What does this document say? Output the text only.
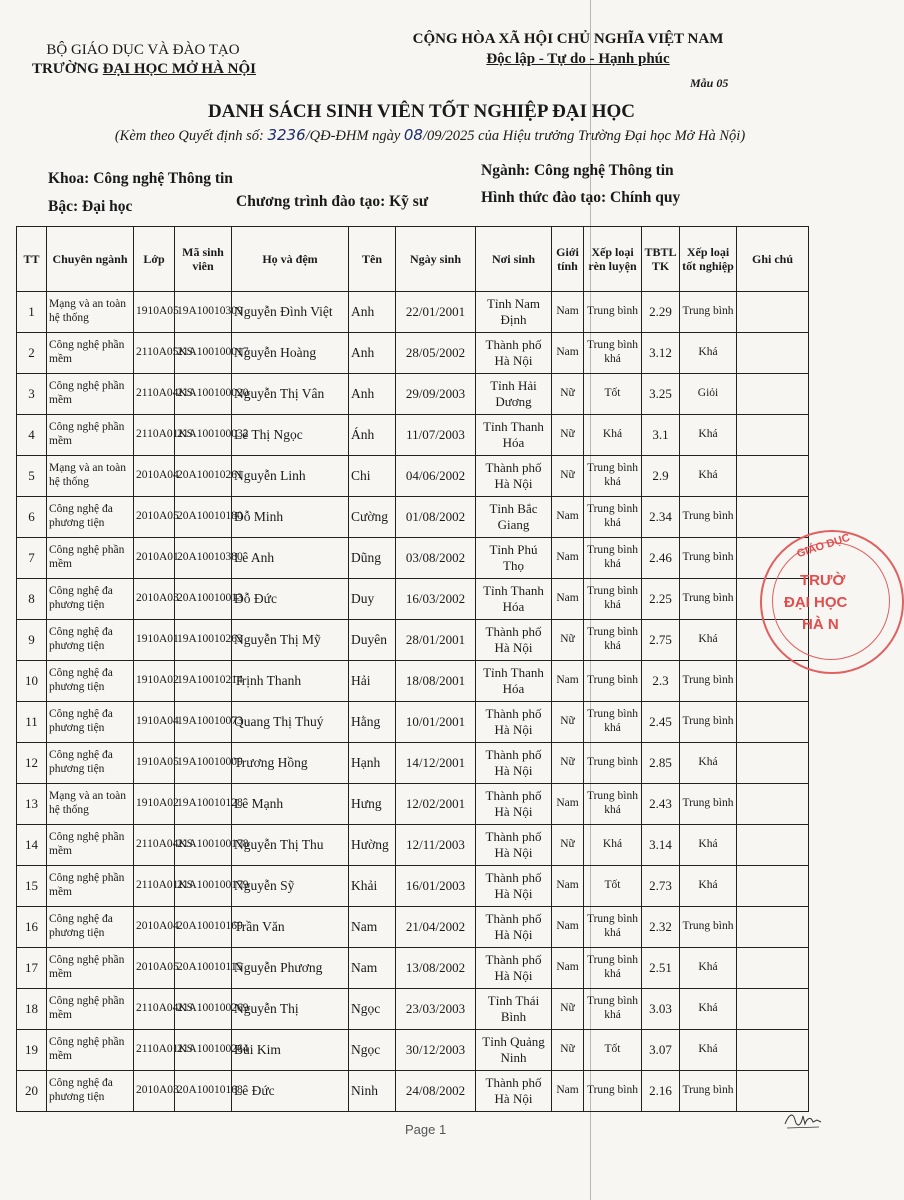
BỘ GIÁO DỤC VÀ ĐÀO TẠO
TRƯỜNG ĐẠI HỌC MỞ HÀ NỘI
CỘNG HÒA XÃ HỘI CHỦ NGHĨA VIỆT NAM
Độc lập - Tự do - Hạnh phúc
Mẫu 05
DANH SÁCH SINH VIÊN TỐT NGHIỆP ĐẠI HỌC
(Kèm theo Quyết định số: 3236/QĐ-ĐHM ngày 08/09/2025 của Hiệu trưởng Trường Đại học Mở Hà Nội)
Khoa: Công nghệ Thông tin
Bậc: Đại học	Chương trình đào tạo: Kỹ sư
Ngành: Công nghệ Thông tin
Hình thức đào tạo: Chính quy
TT	Chuyên ngành	Lớp	Mã sinh viên	Họ và đệm	Tên	Ngày sinh	Nơi sinh	Giới tính	Xếp loại rèn luyện	TBTL TK	Xếp loại tốt nghiệp	Ghi chú
1	Mạng và an toàn hệ thống	1910A05	19A10010309	Nguyễn Đình Việt	Anh	22/01/2001	Tỉnh Nam Định	Nam	Trung bình	2.29	Trung bình	
2	Công nghệ phần mềm	2110A05KS	21A100100017	Nguyễn Hoàng	Anh	28/05/2002	Thành phố Hà Nội	Nam	Trung bình khá	3.12	Khá	
3	Công nghệ phần mềm	2110A04KS	21A100100020	Nguyễn Thị Vân	Anh	29/09/2003	Tỉnh Hải Dương	Nữ	Tốt	3.25	Giỏi	
4	Công nghệ phần mềm	2110A01KS	21A100100032	Lê Thị Ngọc	Ánh	11/07/2003	Tỉnh Thanh Hóa	Nữ	Khá	3.1	Khá	
5	Mạng và an toàn hệ thống	2010A04	20A10010261	Nguyễn Linh	Chi	04/06/2002	Thành phố Hà Nội	Nữ	Trung bình khá	2.9	Khá	
6	Công nghệ đa phương tiện	2010A05	20A10010180	Đỗ Minh	Cường	01/08/2002	Tỉnh Bắc Giang	Nam	Trung bình khá	2.34	Trung bình	
7	Công nghệ phần mềm	2010A01	20A10010380	Lê Anh	Dũng	03/08/2002	Tỉnh Phú Thọ	Nam	Trung bình khá	2.46	Trung bình	
8	Công nghệ đa phương tiện	2010A03	20A10010013	Đỗ Đức	Duy	16/03/2002	Tỉnh Thanh Hóa	Nam	Trung bình khá	2.25	Trung bình	
9	Công nghệ đa phương tiện	1910A01	19A10010263	Nguyễn Thị Mỹ	Duyên	28/01/2001	Thành phố Hà Nội	Nữ	Trung bình khá	2.75	Khá	
10	Công nghệ đa phương tiện	1910A02	19A10010214	Trịnh Thanh	Hải	18/08/2001	Tỉnh Thanh Hóa	Nam	Trung bình	2.3	Trung bình	
11	Công nghệ đa phương tiện	1910A04	19A10010073	Quang Thị Thuý	Hằng	10/01/2001	Thành phố Hà Nội	Nữ	Trung bình khá	2.45	Trung bình	
12	Công nghệ đa phương tiện	1910A05	19A10010009	Trương Hồng	Hạnh	14/12/2001	Thành phố Hà Nội	Nữ	Trung bình	2.85	Khá	
13	Mạng và an toàn hệ thống	1910A02	19A10010128	Lê Mạnh	Hưng	12/02/2001	Thành phố Hà Nội	Nam	Trung bình khá	2.43	Trung bình	
14	Công nghệ phần mềm	2110A04KS	21A100100178	Nguyễn Thị Thu	Hường	12/11/2003	Thành phố Hà Nội	Nữ	Khá	3.14	Khá	
15	Công nghệ phần mềm	2110A01KS	21A100100179	Nguyễn Sỹ	Khải	16/01/2003	Thành phố Hà Nội	Nam	Tốt	2.73	Khá	
16	Công nghệ đa phương tiện	2010A04	20A10010169	Trần Văn	Nam	21/04/2002	Thành phố Hà Nội	Nam	Trung bình khá	2.32	Trung bình	
17	Công nghệ phần mềm	2010A05	20A10010115	Nguyễn Phương	Nam	13/08/2002	Thành phố Hà Nội	Nam	Trung bình khá	2.51	Khá	
18	Công nghệ phần mềm	2110A04KS	21A100100269	Nguyễn Thị	Ngọc	23/03/2003	Tỉnh Thái Bình	Nữ	Trung bình khá	3.03	Khá	
19	Công nghệ phần mềm	2110A01KS	21A100100264	Bùi Kim	Ngọc	30/12/2003	Tỉnh Quảng Ninh	Nữ	Tốt	3.07	Khá	
20	Công nghệ đa phương tiện	2010A03	20A10010168	Lê Đức	Ninh	24/08/2002	Thành phố Hà Nội	Nam	Trung bình	2.16	Trung bình	
GIÁO DỤC
TRƯỜ
ĐẠI HỌC
HÀ N
Page 1
